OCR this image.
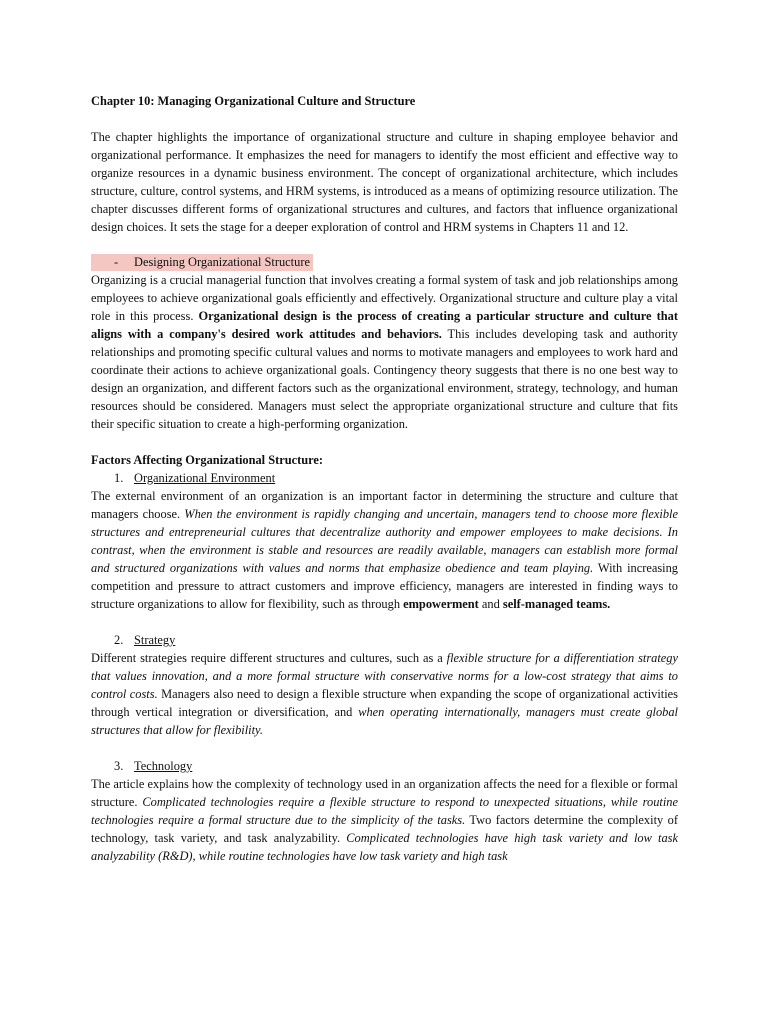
Chapter 10: Managing Organizational Culture and Structure

The chapter highlights the importance of organizational structure and culture in shaping employee behavior and organizational performance. It emphasizes the need for managers to identify the most efficient and effective way to organize resources in a dynamic business environment. The concept of organizational architecture, which includes structure, culture, control systems, and HRM systems, is introduced as a means of optimizing resource utilization. The chapter discusses different forms of organizational structures and cultures, and factors that influence organizational design choices. It sets the stage for a deeper exploration of control and HRM systems in Chapters 11 and 12.

- Designing Organizational Structure

Organizing is a crucial managerial function that involves creating a formal system of task and job relationships among employees to achieve organizational goals efficiently and effectively. Organizational structure and culture play a vital role in this process. Organizational design is the process of creating a particular structure and culture that aligns with a company's desired work attitudes and behaviors. This includes developing task and authority relationships and promoting specific cultural values and norms to motivate managers and employees to work hard and coordinate their actions to achieve organizational goals. Contingency theory suggests that there is no one best way to design an organization, and different factors such as the organizational environment, strategy, technology, and human resources should be considered. Managers must select the appropriate organizational structure and culture that fits their specific situation to create a high-performing organization.

Factors Affecting Organizational Structure:

1. Organizational Environment

The external environment of an organization is an important factor in determining the structure and culture that managers choose. When the environment is rapidly changing and uncertain, managers tend to choose more flexible structures and entrepreneurial cultures that decentralize authority and empower employees to make decisions. In contrast, when the environment is stable and resources are readily available, managers can establish more formal and structured organizations with values and norms that emphasize obedience and team playing. With increasing competition and pressure to attract customers and improve efficiency, managers are interested in finding ways to structure organizations to allow for flexibility, such as through empowerment and self-managed teams.

2. Strategy

Different strategies require different structures and cultures, such as a flexible structure for a differentiation strategy that values innovation, and a more formal structure with conservative norms for a low-cost strategy that aims to control costs. Managers also need to design a flexible structure when expanding the scope of organizational activities through vertical integration or diversification, and when operating internationally, managers must create global structures that allow for flexibility.

3. Technology

The article explains how the complexity of technology used in an organization affects the need for a flexible or formal structure. Complicated technologies require a flexible structure to respond to unexpected situations, while routine technologies require a formal structure due to the simplicity of the tasks. Two factors determine the complexity of technology, task variety, and task analyzability. Complicated technologies have high task variety and low task analyzability (R&D), while routine technologies have low task variety and high task
